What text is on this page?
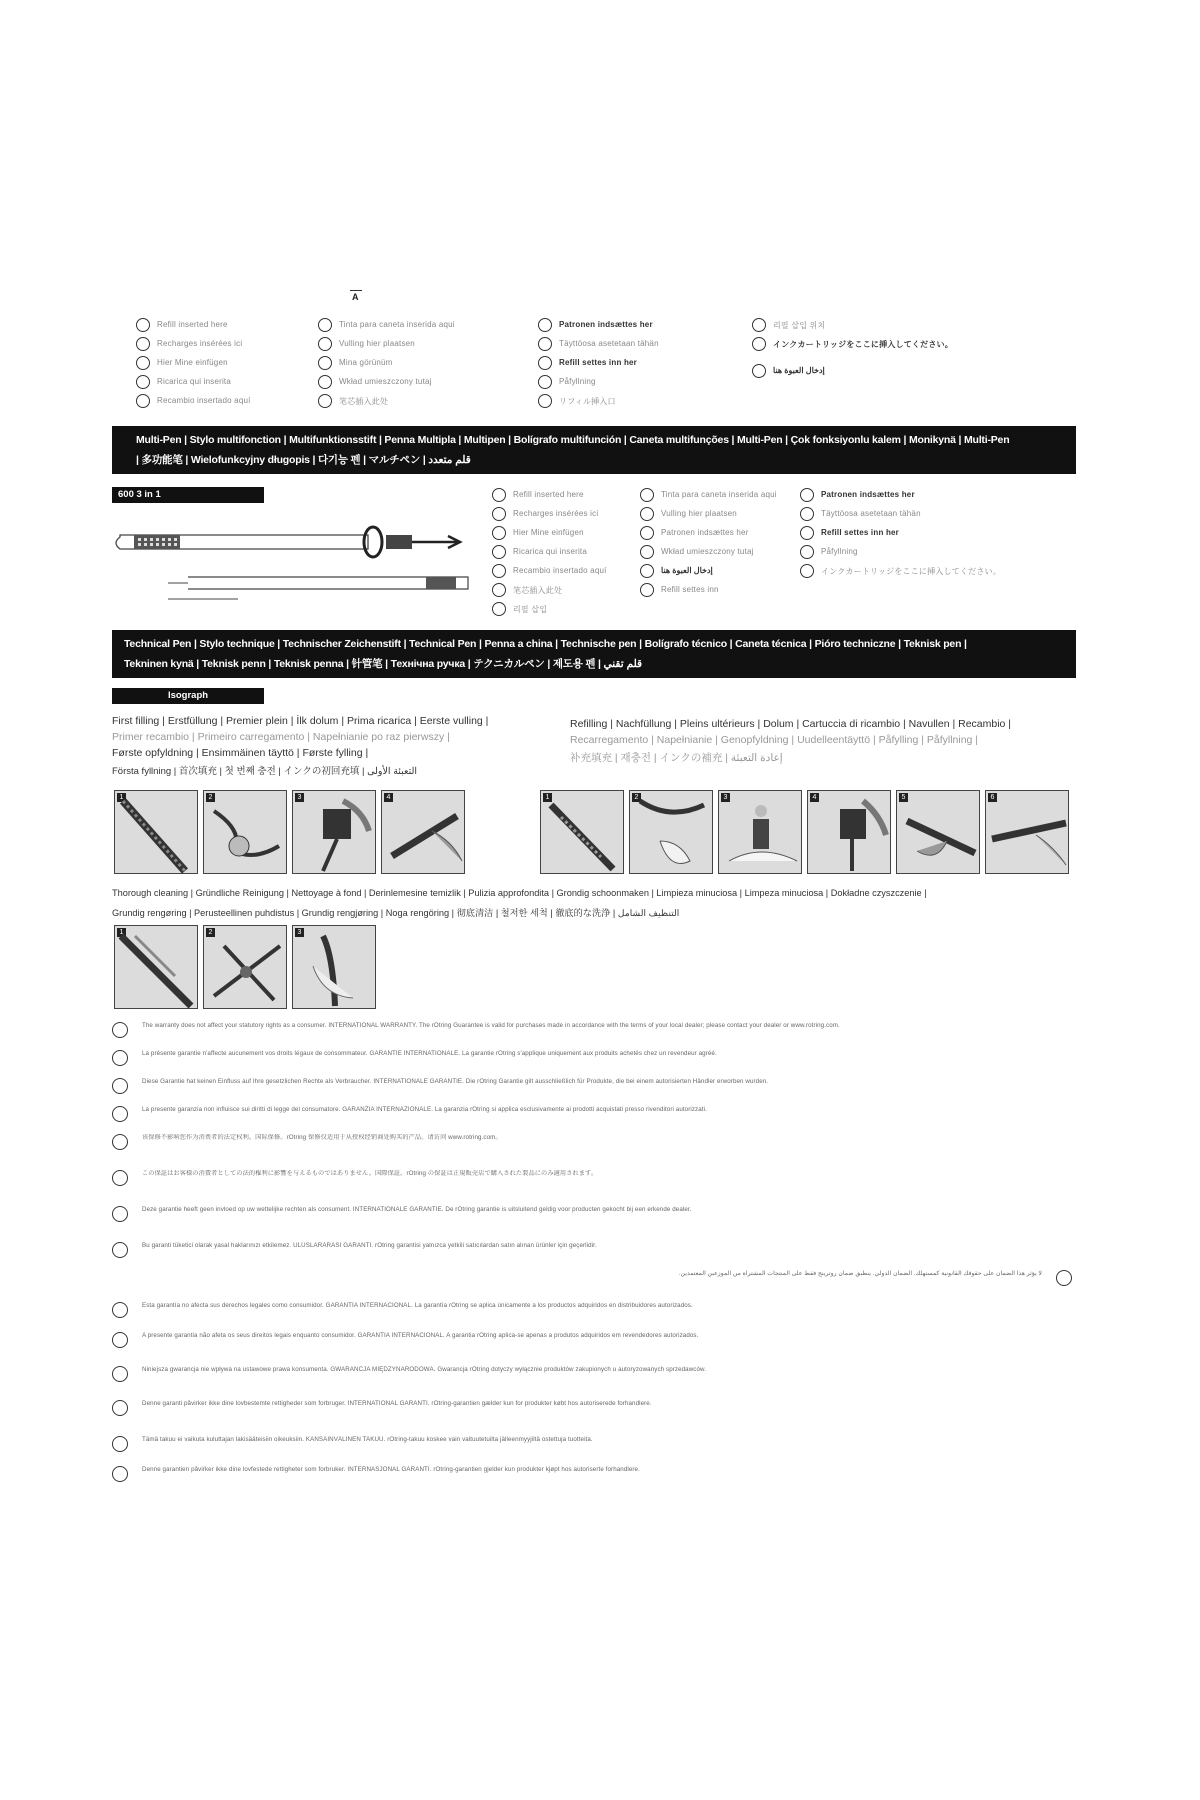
A
Refill inserted here
Recharges insérées ici
Hier Mine einfügen
Ricarica qui inserita
Recambio insertado aquí
Tinta para caneta inserida aqui
Vulling hier plaatsen
Mina görünüm
Wkład umieszczony tutaj
笔芯插入此处
Patronen indsættes her
Täyttöosa asetetaan tähän
Refill settes inn her
Påfyllning
リフィル挿入口
리필 삽입 위치
インクカートリッジをここに挿入してください。
إدخال العبوة هنا
Multi-Pen | Stylo multifonction | Multifunktionsstift | Penna Multipla | Multipen | Bolígrafo multifunción | Caneta multifunções | Multi-Pen | Çok fonksiyonlu kalem | Monikynä | Multi-Pen
| 多功能笔 | Wielofunkcyjny długopis | 다기능 펜 | マルチペン | قلم متعدد
600 3 in 1	Refill inserted here
Recharges insérées ici
Hier Mine einfügen
Ricarica qui inserita
Recambio insertado aquí
笔芯插入此处
리필 삽입
Tinta para caneta inserida aqui
Vulling hier plaatsen
Patronen indsættes her
Wkład umieszczony tutaj
إدخال العبوة هنا
Refill settes inn
Patronen indsættes her
Täyttöosa asetetaan tähän
Refill settes inn her
Påfyllning
インクカートリッジをここに挿入してください。
Technical Pen | Stylo technique | Technischer Zeichenstift | Technical Pen | Penna a china | Technische pen | Bolígrafo técnico | Caneta técnica | Pióro techniczne | Teknisk pen |
Tekninen kynä | Teknisk penn | Teknisk penna | 针管笔 | Технічна ручка | テクニカルペン | 제도용 펜 | قلم تقني
Isograph
First filling | Erstfüllung | Premier plein | İlk dolum | Prima ricarica | Eerste vulling |
Primer recambio | Primeiro carregamento | Napełnianie po raz pierwszy |
Første opfyldning | Ensimmäinen täyttö | Første fylling |
Första fyllning | 首次填充 | 첫 번째 충전 | インクの初回充填 | التعبئة الأولى
Refilling | Nachfüllung | Pleins ultérieurs | Dolum | Cartuccia di ricambio | Navullen | Recambio |
Recarregamento | Napełnianie | Genopfyldning | Uudelleentäyttö | Påfylling | Påfyllning |
补充填充 | 재충전 | インクの補充 | إعادة التعبئة
1	2	3	4	1	2	3	4	5	6
Thorough cleaning | Gründliche Reinigung | Nettoyage à fond | Derinlemesine temizlik | Pulizia approfondita | Grondig schoonmaken | Limpieza minuciosa | Limpeza minuciosa | Dokładne czyszczenie |
Grundig rengøring | Perusteellinen puhdistus | Grundig rengjøring | Noga rengöring | 彻底清洁 | 철저한 세척 | 徹底的な洗浄 | التنظيف الشامل
1	2	3
The warranty does not affect your statutory rights as a consumer. INTERNATIONAL WARRANTY. The rOtring Guarantee is valid for purchases made in accordance with the terms of your local dealer; please contact your dealer or www.rotring.com.
La présente garantie n'affecte aucunement vos droits légaux de consommateur. GARANTIE INTERNATIONALE. La garantie rOtring s'applique uniquement aux produits achetés chez un revendeur agréé.
Diese Garantie hat keinen Einfluss auf Ihre gesetzlichen Rechte als Verbraucher. INTERNATIONALE GARANTIE. Die rOtring Garantie gilt ausschließlich für Produkte, die bei einem autorisierten Händler erworben wurden.
La presente garanzia non influisce sui diritti di legge del consumatore. GARANZIA INTERNAZIONALE. La garanzia rOtring si applica esclusivamente ai prodotti acquistati presso rivenditori autorizzati.
该保修不影响您作为消费者的法定权利。国际保修。rOtring 保修仅适用于从授权经销商处购买的产品。请访问 www.rotring.com。
この保証はお客様の消費者としての法的権利に影響を与えるものではありません。国際保証。rOtring の保証は正規販売店で購入された製品にのみ適用されます。
Deze garantie heeft geen invloed op uw wettelijke rechten als consument. INTERNATIONALE GARANTIE. De rOtring garantie is uitsluitend geldig voor producten gekocht bij een erkende dealer.
Bu garanti tüketici olarak yasal haklarınızı etkilemez. ULUSLARARASI GARANTİ. rOtring garantisi yalnızca yetkili satıcılardan satın alınan ürünler için geçerlidir.
لا يؤثر هذا الضمان على حقوقك القانونية كمستهلك. الضمان الدولي. ينطبق ضمان روترينج فقط على المنتجات المشتراة من الموزعين المعتمدين.
Esta garantía no afecta sus derechos legales como consumidor. GARANTÍA INTERNACIONAL. La garantía rOtring se aplica únicamente a los productos adquiridos en distribuidores autorizados.
A presente garantia não afeta os seus direitos legais enquanto consumidor. GARANTIA INTERNACIONAL. A garantia rOtring aplica-se apenas a produtos adquiridos em revendedores autorizados.
Niniejsza gwarancja nie wpływa na ustawowe prawa konsumenta. GWARANCJA MIĘDZYNARODOWA. Gwarancja rOtring dotyczy wyłącznie produktów zakupionych u autoryzowanych sprzedawców.
Denne garanti påvirker ikke dine lovbestemte rettigheder som forbruger. INTERNATIONAL GARANTI. rOtring-garantien gælder kun for produkter købt hos autoriserede forhandlere.
Tämä takuu ei vaikuta kuluttajan lakisääteisiin oikeuksiin. KANSAINVÄLINEN TAKUU. rOtring-takuu koskee vain valtuutetuilta jälleenmyyjiltä ostettuja tuotteita.
Denne garantien påvirker ikke dine lovfestede rettigheter som forbruker. INTERNASJONAL GARANTI. rOtring-garantien gjelder kun produkter kjøpt hos autoriserte forhandlere.
